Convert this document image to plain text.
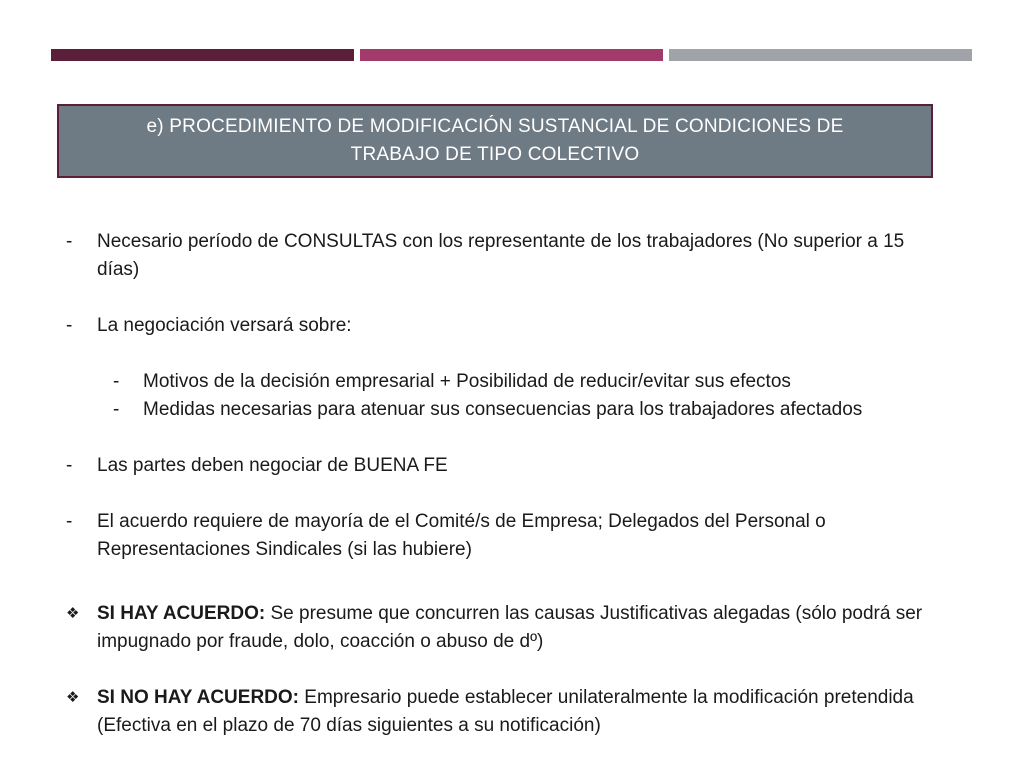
e) PROCEDIMIENTO DE MODIFICACIÓN SUSTANCIAL DE CONDICIONES DE
TRABAJO DE TIPO COLECTIVO
-	Necesario período de CONSULTAS con los representante de los trabajadores (No superior a 15 días)
-	La negociación versará sobre:
-	Motivos de la decisión empresarial + Posibilidad de reducir/evitar sus efectos
-	Medidas necesarias para atenuar sus consecuencias para los trabajadores afectados
-	Las partes deben negociar de BUENA FE
-	El acuerdo requiere de mayoría de el Comité/s de Empresa; Delegados del Personal o Representaciones Sindicales (si las hubiere)
❖ SI HAY ACUERDO: Se presume que concurren las causas Justificativas alegadas (sólo podrá ser impugnado por fraude, dolo, coacción o abuso de dº)
❖ SI NO HAY ACUERDO: Empresario puede establecer unilateralmente la modificación pretendida (Efectiva en el plazo de 70 días siguientes a su notificación)
